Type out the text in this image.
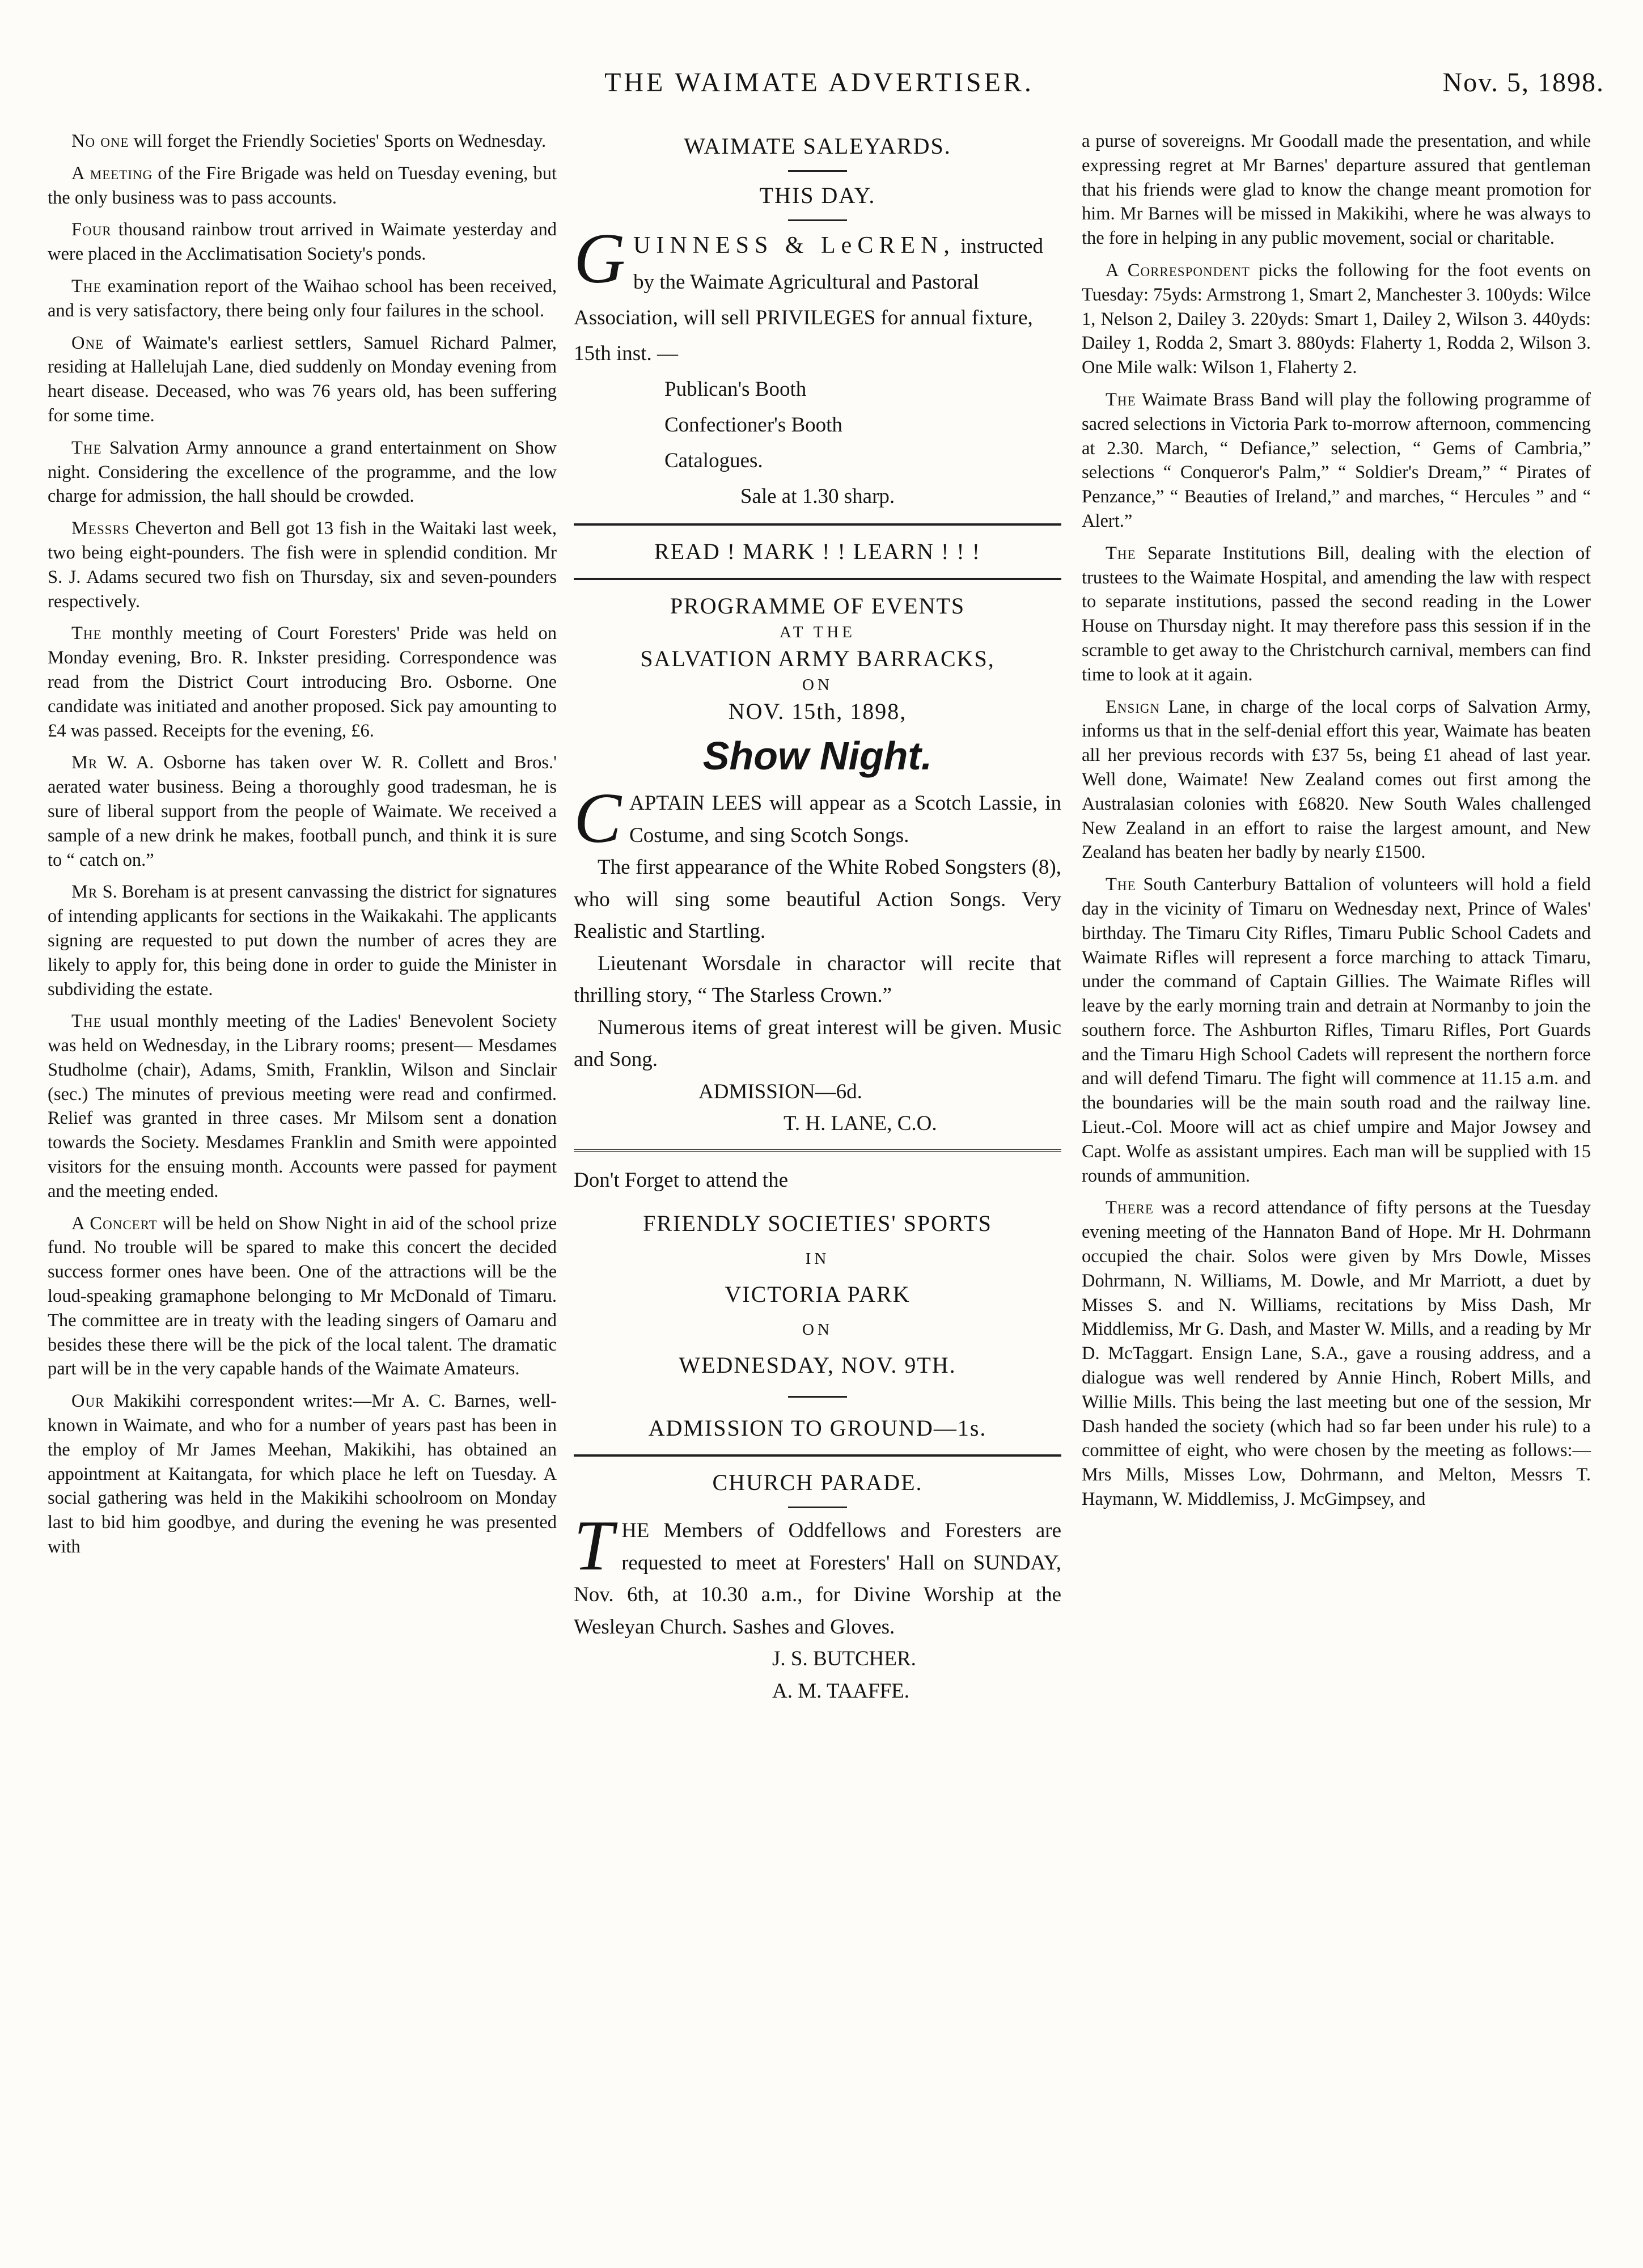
THE WAIMATE ADVERTISER.	Nov. 5, 1898.

No one will forget the Friendly Societies' Sports on Wednesday.

A meeting of the Fire Brigade was held on Tuesday evening, but the only business was to pass accounts.

Four thousand rainbow trout arrived in Waimate yesterday and were placed in the Acclimatisation Society's ponds.

The examination report of the Waihao school has been received, and is very satisfactory, there being only four failures in the school.

One of Waimate's earliest settlers, Samuel Richard Palmer, residing at Hallelujah Lane, died suddenly on Monday evening from heart disease. Deceased, who was 76 years old, has been suffering for some time.

The Salvation Army announce a grand entertainment on Show night. Considering the excellence of the programme, and the low charge for admission, the hall should be crowded.

Messrs Cheverton and Bell got 13 fish in the Waitaki last week, two being eight-pounders. The fish were in splendid condition. Mr S. J. Adams secured two fish on Thursday, six and seven-pounders respectively.

The monthly meeting of Court Foresters' Pride was held on Monday evening, Bro. R. Inkster presiding. Correspondence was read from the District Court introducing Bro. Osborne. One candidate was initiated and another proposed. Sick pay amounting to £4 was passed. Receipts for the evening, £6.

Mr W. A. Osborne has taken over W. R. Collett and Bros.' aerated water business. Being a thoroughly good tradesman, he is sure of liberal support from the people of Waimate. We received a sample of a new drink he makes, football punch, and think it is sure to “ catch on.”

Mr S. Boreham is at present canvassing the district for signatures of intending applicants for sections in the Waikakahi. The applicants signing are requested to put down the number of acres they are likely to apply for, this being done in order to guide the Minister in subdividing the estate.

The usual monthly meeting of the Ladies' Benevolent Society was held on Wednesday, in the Library rooms; present— Mesdames Studholme (chair), Adams, Smith, Franklin, Wilson and Sinclair (sec.) The minutes of previous meeting were read and confirmed. Relief was granted in three cases. Mr Milsom sent a donation towards the Society. Mesdames Franklin and Smith were appointed visitors for the ensuing month. Accounts were passed for payment and the meeting ended.

A Concert will be held on Show Night in aid of the school prize fund. No trouble will be spared to make this concert the decided success former ones have been. One of the attractions will be the loud-speaking gramaphone belonging to Mr McDonald of Timaru. The committee are in treaty with the leading singers of Oamaru and besides these there will be the pick of the local talent. The dramatic part will be in the very capable hands of the Waimate Amateurs.

Our Makikihi correspondent writes:—Mr A. C. Barnes, well-known in Waimate, and who for a number of years past has been in the employ of Mr James Meehan, Makikihi, has obtained an appointment at Kaitangata, for which place he left on Tuesday. A social gathering was held in the Makikihi schoolroom on Monday last to bid him goodbye, and during the evening he was presented with

WAIMATE SALEYARDS.
THIS DAY.
G UINNESS & LeCREN, instructed by the Waimate Agricultural and Pastoral Association, will sell PRIVILEGES for annual fixture, 15th inst. —
Publican's Booth
Confectioner's Booth
Catalogues.
Sale at 1.30 sharp.
READ ! MARK ! ! LEARN ! ! !
PROGRAMME OF EVENTS
AT THE
SALVATION ARMY BARRACKS,
ON
NOV. 15th, 1898,
Show Night.
C APTAIN LEES will appear as a Scotch Lassie, in Costume, and sing Scotch Songs.
The first appearance of the White Robed Songsters (8), who will sing some beautiful Action Songs. Very Realistic and Startling.
Lieutenant Worsdale in charactor will recite that thrilling story, “ The Starless Crown.”
Numerous items of great interest will be given. Music and Song.
ADMISSION—6d.
T. H. LANE, C.O.
Don't Forget to attend the
FRIENDLY SOCIETIES' SPORTS
IN
VICTORIA PARK
ON
WEDNESDAY, NOV. 9TH.
ADMISSION TO GROUND—1s.
CHURCH PARADE.
T HE Members of Oddfellows and Foresters are requested to meet at Foresters' Hall on SUNDAY, Nov. 6th, at 10.30 a.m., for Divine Worship at the Wesleyan Church. Sashes and Gloves.
J. S. BUTCHER.
A. M. TAAFFE.

a purse of sovereigns. Mr Goodall made the presentation, and while expressing regret at Mr Barnes' departure assured that gentleman that his friends were glad to know the change meant promotion for him. Mr Barnes will be missed in Makikihi, where he was always to the fore in helping in any public movement, social or charitable.

A Correspondent picks the following for the foot events on Tuesday: 75yds: Armstrong 1, Smart 2, Manchester 3. 100yds: Wilce 1, Nelson 2, Dailey 3. 220yds: Smart 1, Dailey 2, Wilson 3. 440yds: Dailey 1, Rodda 2, Smart 3. 880yds: Flaherty 1, Rodda 2, Wilson 3. One Mile walk: Wilson 1, Flaherty 2.

The Waimate Brass Band will play the following programme of sacred selections in Victoria Park to-morrow afternoon, commencing at 2.30. March, “ Defiance,” selection, “ Gems of Cambria,” selections “ Conqueror's Palm,” “ Soldier's Dream,” “ Pirates of Penzance,” “ Beauties of Ireland,” and marches, “ Hercules ” and “ Alert.”

The Separate Institutions Bill, dealing with the election of trustees to the Waimate Hospital, and amending the law with respect to separate institutions, passed the second reading in the Lower House on Thursday night. It may therefore pass this session if in the scramble to get away to the Christchurch carnival, members can find time to look at it again.

Ensign Lane, in charge of the local corps of Salvation Army, informs us that in the self-denial effort this year, Waimate has beaten all her previous records with £37 5s, being £1 ahead of last year. Well done, Waimate! New Zealand comes out first among the Australasian colonies with £6820. New South Wales challenged New Zealand in an effort to raise the largest amount, and New Zealand has beaten her badly by nearly £1500.

The South Canterbury Battalion of volunteers will hold a field day in the vicinity of Timaru on Wednesday next, Prince of Wales' birthday. The Timaru City Rifles, Timaru Public School Cadets and Waimate Rifles will represent a force marching to attack Timaru, under the command of Captain Gillies. The Waimate Rifles will leave by the early morning train and detrain at Normanby to join the southern force. The Ashburton Rifles, Timaru Rifles, Port Guards and the Timaru High School Cadets will represent the northern force and will defend Timaru. The fight will commence at 11.15 a.m. and the boundaries will be the main south road and the railway line. Lieut.-Col. Moore will act as chief umpire and Major Jowsey and Capt. Wolfe as assistant umpires. Each man will be supplied with 15 rounds of ammunition.

There was a record attendance of fifty persons at the Tuesday evening meeting of the Hannaton Band of Hope. Mr H. Dohrmann occupied the chair. Solos were given by Mrs Dowle, Misses Dohrmann, N. Williams, M. Dowle, and Mr Marriott, a duet by Misses S. and N. Williams, recitations by Miss Dash, Mr Middlemiss, Mr G. Dash, and Master W. Mills, and a reading by Mr D. McTaggart. Ensign Lane, S.A., gave a rousing address, and a dialogue was well rendered by Annie Hinch, Robert Mills, and Willie Mills. This being the last meeting but one of the session, Mr Dash handed the society (which had so far been under his rule) to a committee of eight, who were chosen by the meeting as follows:—Mrs Mills, Misses Low, Dohrmann, and Melton, Messrs T. Haymann, W. Middlemiss, J. McGimpsey, and
